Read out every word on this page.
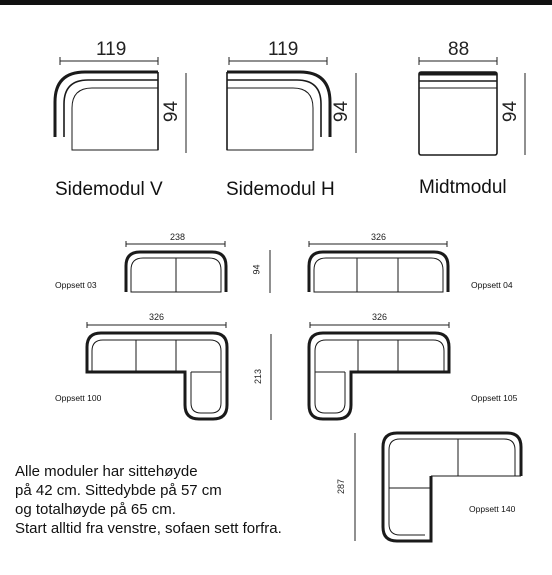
119
94
Sidemodul V
119
94
Sidemodul H
88
94
Midtmodul
238	326
94
Oppsett 03	Oppsett 04
326	326
213
Oppsett 100	Oppsett 105
287
Oppsett 140
Alle moduler har sittehøyde
på 42 cm. Sittedybde på 57 cm
og totalhøyde på 65 cm.
Start alltid fra venstre, sofaen sett forfra.
